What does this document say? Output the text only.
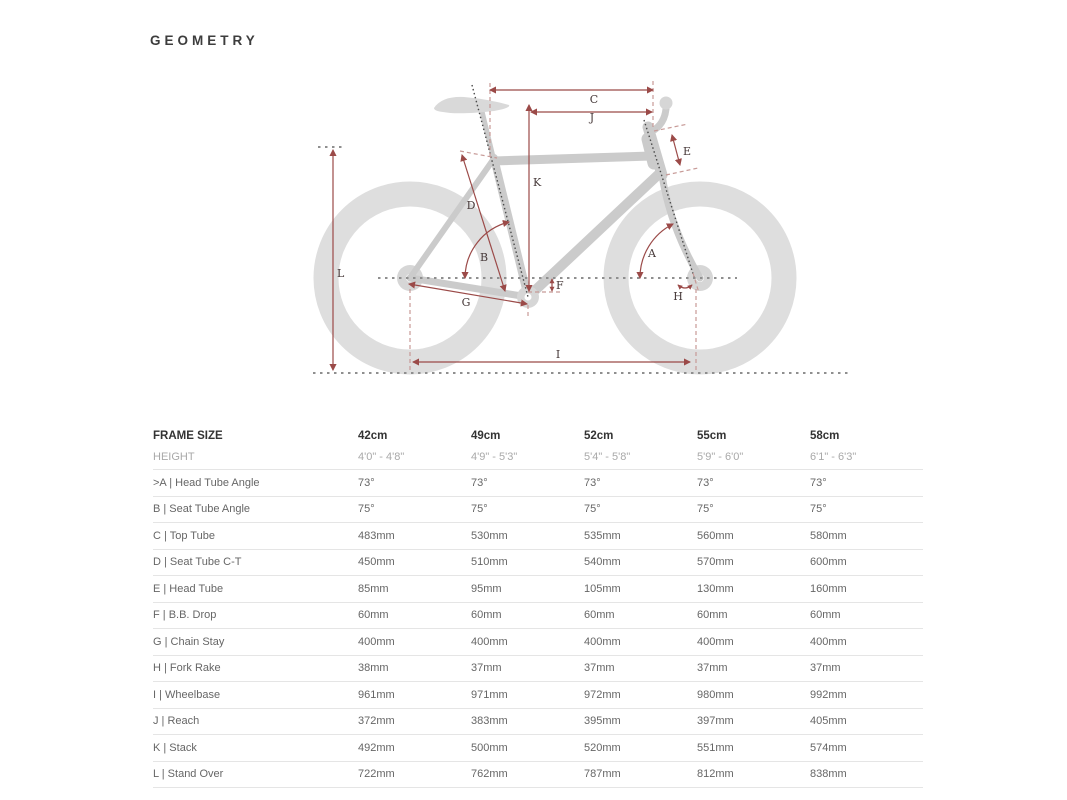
GEOMETRY
C
J
K
E
D
B	A
G
F
H
I
L
FRAME SIZE	42cm	49cm	52cm	55cm	58cm
HEIGHT	4'0" - 4'8"	4'9" - 5'3"	5'4" - 5'8"	5'9" - 6'0"	6'1" - 6'3"
>A | Head Tube Angle	73°	73°	73°	73°	73°
B | Seat Tube Angle	75°	75°	75°	75°	75°
C | Top Tube	483mm	530mm	535mm	560mm	580mm
D | Seat Tube C-T	450mm	510mm	540mm	570mm	600mm
E | Head Tube	85mm	95mm	105mm	130mm	160mm
F | B.B. Drop	60mm	60mm	60mm	60mm	60mm
G | Chain Stay	400mm	400mm	400mm	400mm	400mm
H | Fork Rake	38mm	37mm	37mm	37mm	37mm
I | Wheelbase	961mm	971mm	972mm	980mm	992mm
J | Reach	372mm	383mm	395mm	397mm	405mm
K | Stack	492mm	500mm	520mm	551mm	574mm
L | Stand Over	722mm	762mm	787mm	812mm	838mm
